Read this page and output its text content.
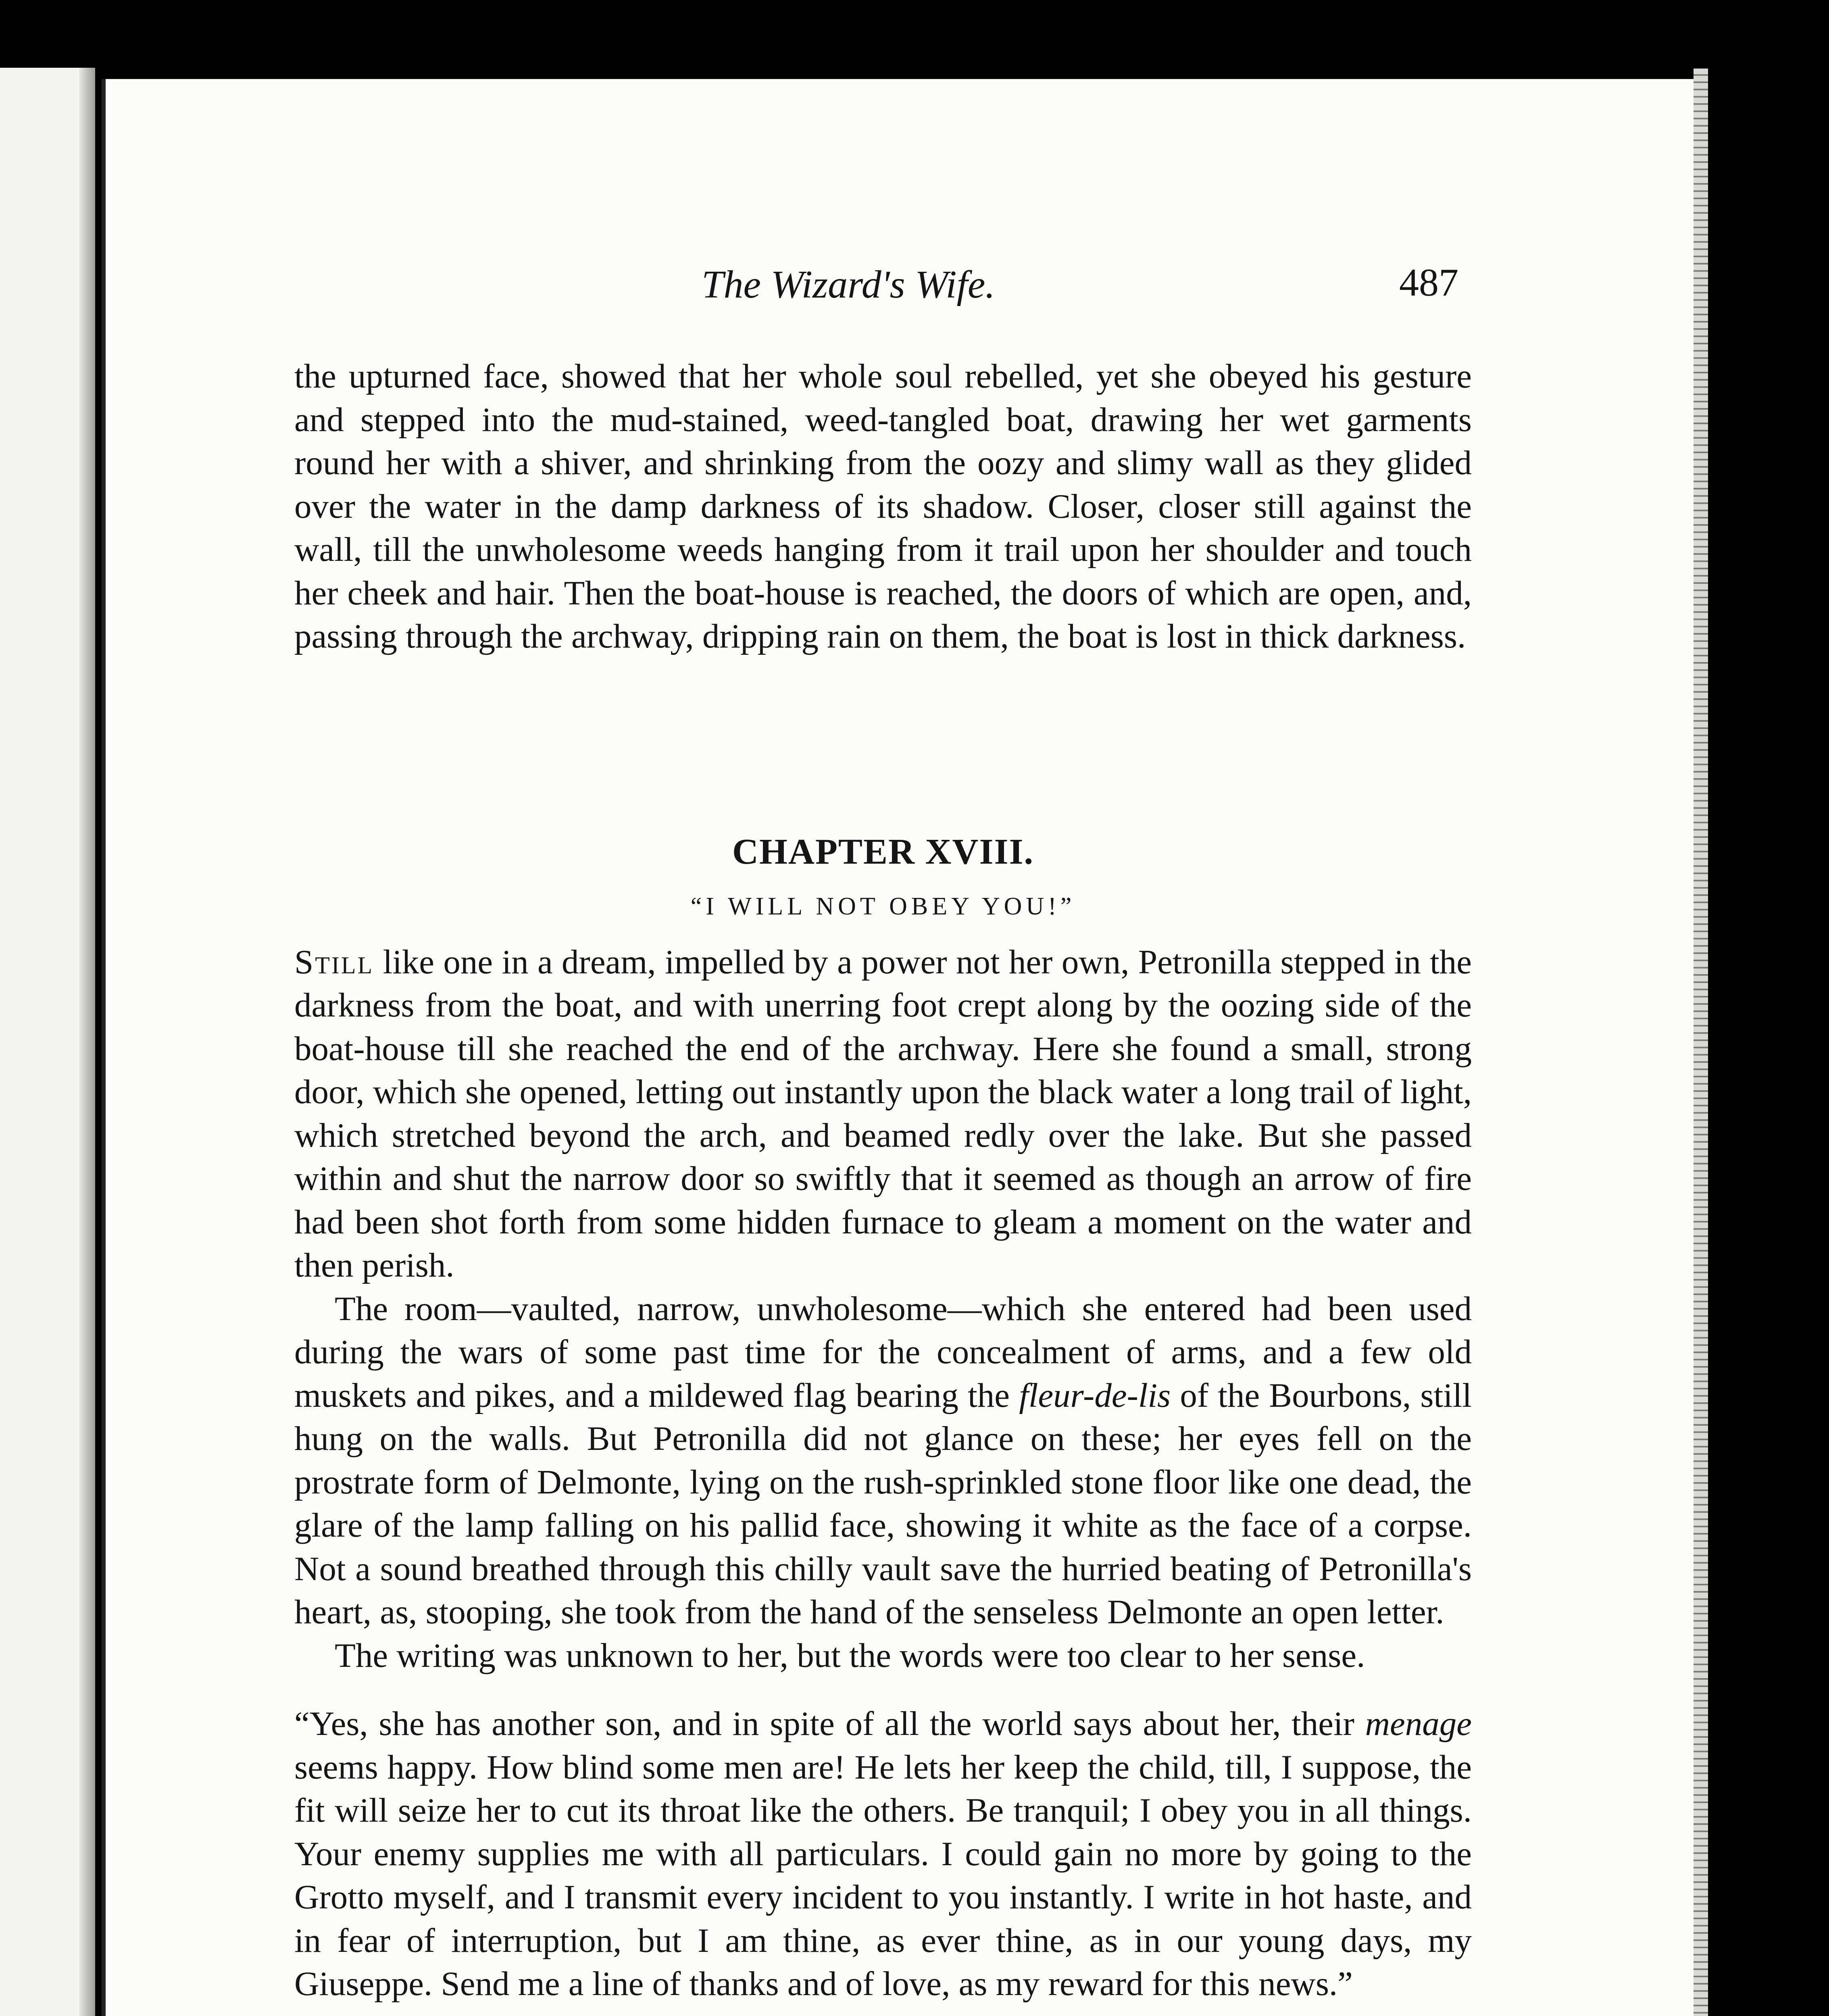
The Wizard's Wife.	487

the upturned face, showed that her whole soul rebelled, yet she obeyed his gesture and stepped into the mud-stained, weed-tangled boat, drawing her wet garments round her with a shiver, and shrinking from the oozy and slimy wall as they glided over the water in the damp darkness of its shadow. Closer, closer still against the wall, till the unwholesome weeds hanging from it trail upon her shoulder and touch her cheek and hair. Then the boat-house is reached, the doors of which are open, and, passing through the archway, dripping rain on them, the boat is lost in thick darkness.

CHAPTER XVIII.
“I WILL NOT OBEY YOU!”

Still like one in a dream, impelled by a power not her own, Petronilla stepped in the darkness from the boat, and with unerring foot crept along by the oozing side of the boat-house till she reached the end of the archway. Here she found a small, strong door, which she opened, letting out instantly upon the black water a long trail of light, which stretched beyond the arch, and beamed redly over the lake. But she passed within and shut the narrow door so swiftly that it seemed as though an arrow of fire had been shot forth from some hidden furnace to gleam a moment on the water and then perish.

The room—vaulted, narrow, unwholesome—which she entered had been used during the wars of some past time for the concealment of arms, and a few old muskets and pikes, and a mildewed flag bearing the fleur-de-lis of the Bourbons, still hung on the walls. But Petronilla did not glance on these; her eyes fell on the prostrate form of Delmonte, lying on the rush-sprinkled stone floor like one dead, the glare of the lamp falling on his pallid face, showing it white as the face of a corpse. Not a sound breathed through this chilly vault save the hurried beating of Petronilla's heart, as, stooping, she took from the hand of the senseless Delmonte an open letter.

The writing was unknown to her, but the words were too clear to her sense.

“Yes, she has another son, and in spite of all the world says about her, their menage seems happy. How blind some men are! He lets her keep the child, till, I suppose, the fit will seize her to cut its throat like the others. Be tranquil; I obey you in all things. Your enemy supplies me with all particulars. I could gain no more by going to the Grotto myself, and I transmit every incident to you instantly. I write in hot haste, and in fear of interruption, but I am thine, as ever thine, as in our young days, my Giuseppe. Send me a line of thanks and of love, as my reward for this news.”
